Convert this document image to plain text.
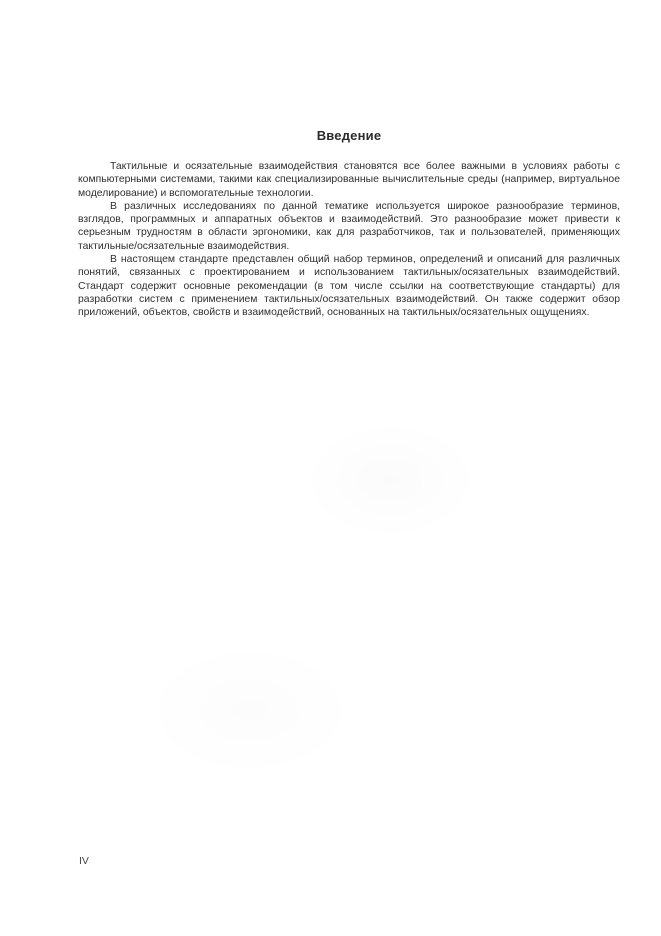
Введение

Тактильные и осязательные взаимодействия становятся все более важными в условиях работы с компьютерными системами, такими как специализированные вычислительные среды (например, виртуальное моделирование) и вспомогательные технологии.

В различных исследованиях по данной тематике используется широкое разнообразие терминов, взглядов, программных и аппаратных объектов и взаимодействий. Это разнообразие может привести к серьезным трудностям в области эргономики, как для разработчиков, так и пользователей, применяющих тактильные/осязательные взаимодействия.

В настоящем стандарте представлен общий набор терминов, определений и описаний для различных понятий, связанных с проектированием и использованием тактильных/осязательных взаимодействий. Стандарт содержит основные рекомендации (в том числе ссылки на соответствующие стандарты) для разработки систем с применением тактильных/осязательных взаимодействий. Он также содержит обзор приложений, объектов, свойств и взаимодействий, основанных на тактильных/осязательных ощущениях.

IV
